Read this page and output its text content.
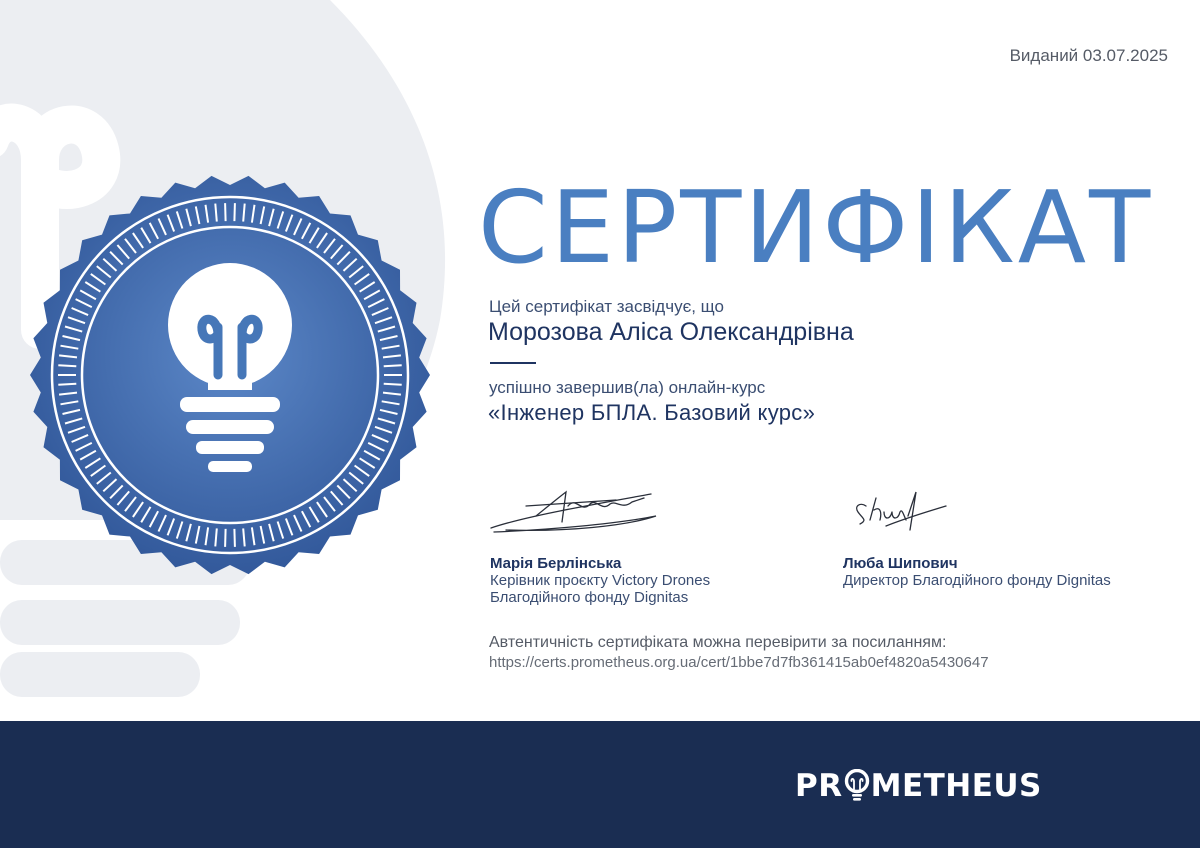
Виданий 03.07.2025
СЕРТИФІКАТ
Цей сертифікат засвідчує, що
Морозова Аліса Олександрівна
успішно завершив(ла) онлайн-курс
«Інженер БПЛА. Базовий курс»
Марія Берлінська
Керівник проєкту Victory Drones
Благодійного фонду Dignitas
Люба Шипович
Директор Благодійного фонду Dignitas
Автентичність сертифіката можна перевірити за посиланням:
https://certs.prometheus.org.ua/cert/1bbe7d7fb361415ab0ef4820a5430647
PR METHEUS
